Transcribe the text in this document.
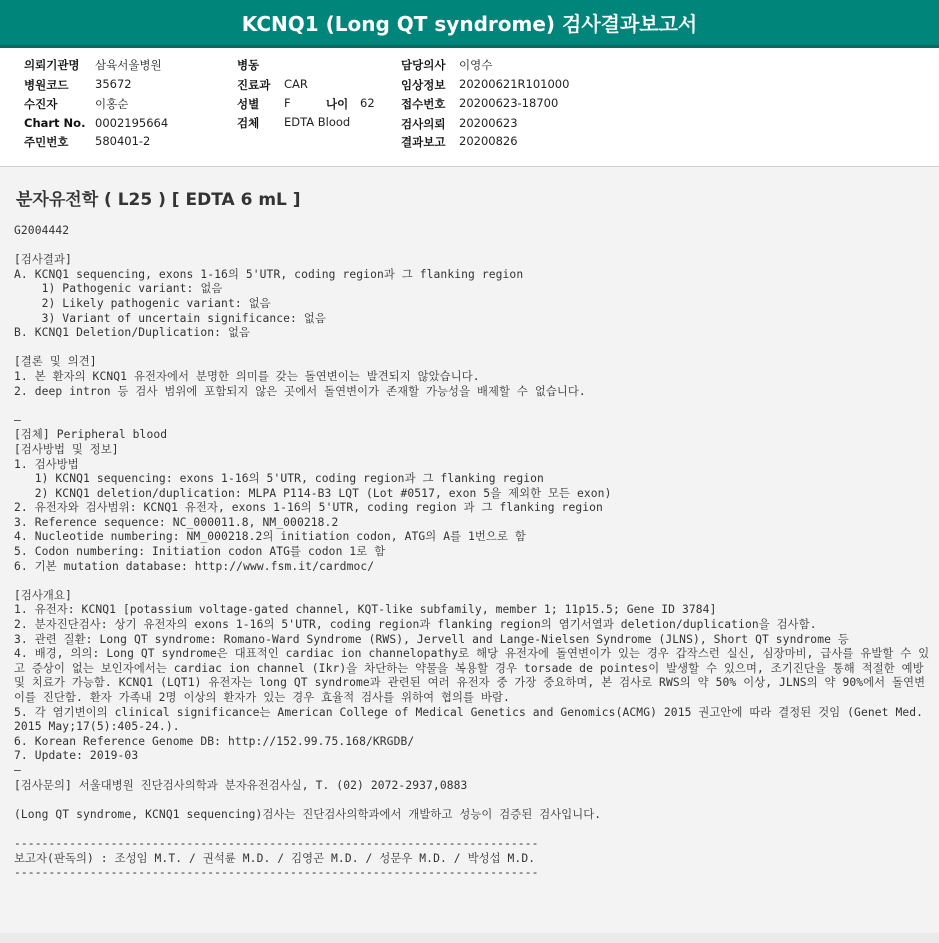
KCNQ1 (Long QT syndrome) 검사결과보고서
의뢰기관명 삼육서울병원
병원코드 35672
수진자	이홍순
Chart No. 0002195664
주민번호 580401-2
병동
진료과 CAR
성별 F	나이 62
검체 EDTA Blood
담당의사 이영수
임상정보 20200621R101000
접수번호 20200623-18700
검사의뢰 20200623
결과보고 20200826
분자유전학 ( L25 ) [ EDTA 6 mL ]
G2004442
[검사결과]
A. KCNQ1 sequencing, exons 1-16의 5'UTR, coding region과 그 flanking region
1) Pathogenic variant: 없음
2) Likely pathogenic variant: 없음
3) Variant of uncertain significance: 없음
B. KCNQ1 Deletion/Duplication: 없음
[결론 및 의견]
1. 본 환자의 KCNQ1 유전자에서 분명한 의미를 갖는 돌연변이는 발견되지 않았습니다.
2. deep intron 등 검사 범위에 포함되지 않은 곳에서 돌연변이가 존재할 가능성을 배제할 수 없습니다.
—
[검체] Peripheral blood
[검사방법 및 정보]
1. 검사방법
1) KCNQ1 sequencing: exons 1-16의 5'UTR, coding region과 그 flanking region
2) KCNQ1 deletion/duplication: MLPA P114-B3 LQT (Lot #0517, exon 5을 제외한 모든 exon)
2. 유전자와 검사범위: KCNQ1 유전자, exons 1-16의 5'UTR, coding region 과 그 flanking region
3. Reference sequence: NC_000011.8, NM_000218.2
4. Nucleotide numbering: NM_000218.2의 initiation codon, ATG의 A를 1번으로 함
5. Codon numbering: Initiation codon ATG를 codon 1로 함
6. 기본 mutation database: http://www.fsm.it/cardmoc/
[검사개요]
1. 유전자: KCNQ1 [potassium voltage-gated channel, KQT-like subfamily, member 1; 11p15.5; Gene ID 3784]
2. 분자진단검사: 상기 유전자의 exons 1-16의 5'UTR, coding region과 flanking region의 염기서열과 deletion/duplication을 검사함.
3. 관련 질환: Long QT syndrome: Romano-Ward Syndrome (RWS), Jervell and Lange-Nielsen Syndrome (JLNS), Short QT syndrome 등
4. 배경, 의의: Long QT syndrome은 대표적인 cardiac ion channelopathy로 해당 유전자에 돌연변이가 있는 경우 갑작스런 실신, 심장마비, 급사를 유발할 수 있고 증상이 없는 보인자에서는 cardiac ion channel (Ikr)을 차단하는 약물을 복용할 경우 torsade de pointes이 발생할 수 있으며, 조기진단을 통해 적절한 예방 및 치료가 가능함. KCNQ1 (LQT1) 유전자는 long QT syndrome과 관련된 여러 유전자 중 가장 중요하며, 본 검사로 RWS의 약 50% 이상, JLNS의 약 90%에서 돌연변이를 진단함. 환자 가족내 2명 이상의 환자가 있는 경우 효율적 검사를 위하여 협의를 바람.
5. 각 염기변이의 clinical significance는 American College of Medical Genetics and Genomics(ACMG) 2015 권고안에 따라 결정된 것임 (Genet Med. 2015 May;17(5):405-24.).
6. Korean Reference Genome DB: http://152.99.75.168/KRGDB/
7. Update: 2019-03
—
[검사문의] 서울대병원 진단검사의학과 분자유전검사실, T. (02) 2072-2937,0883
(Long QT syndrome, KCNQ1 sequencing)검사는 진단검사의학과에서 개발하고 성능이 검증된 검사입니다.
----------------------------------------------------------------------------
보고자(판독의) : 조성임 M.T. / 권석륜 M.D. / 김영곤 M.D. / 성문우 M.D. / 박성섭 M.D.
----------------------------------------------------------------------------
